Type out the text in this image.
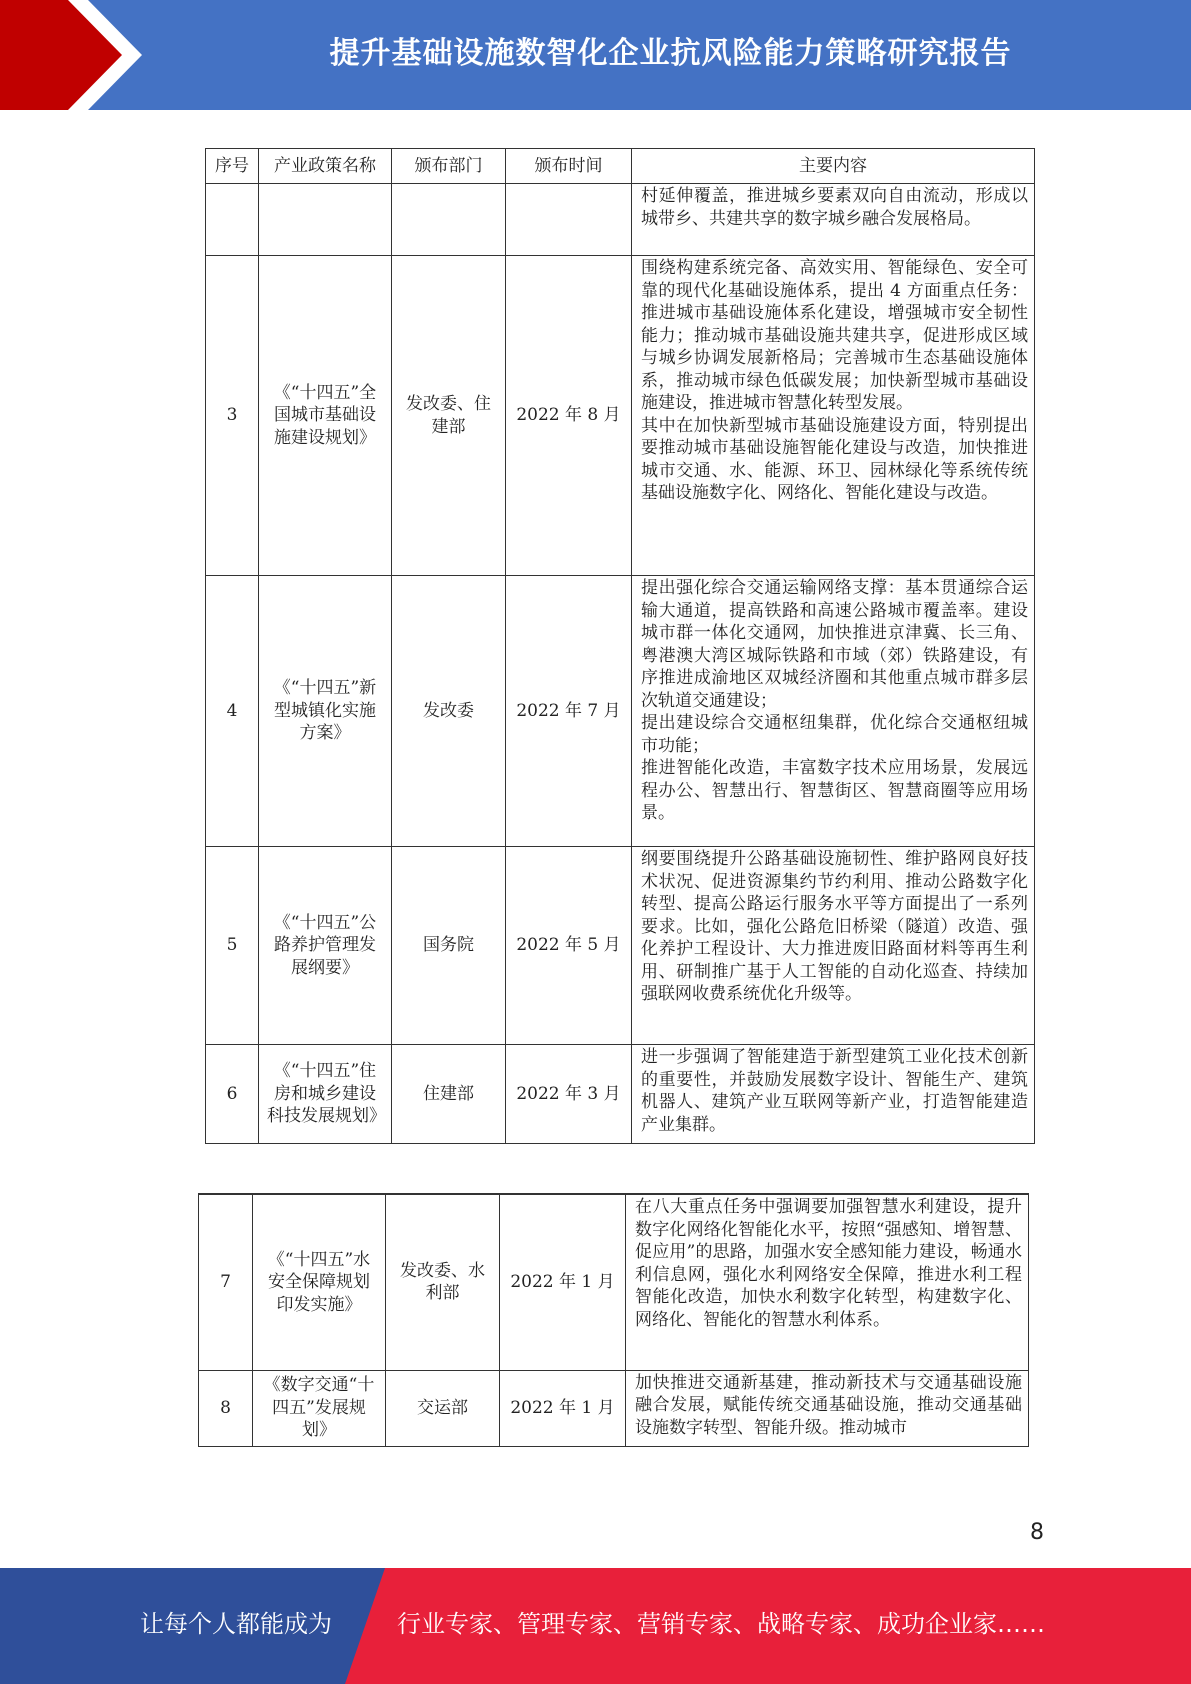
提升基础设施数智化企业抗风险能力策略研究报告
序号	产业政策名称	颁布部门	颁布时间	主要内容

				村延伸覆盖，推进城乡要素双向自由流动，形成以城带乡、共建共享的数字城乡融合发展格局。

3	《“十四五”全国城市基础设施建设规划》	发改委、住建部	2022 年 8 月	围绕构建系统完备、高效实用、智能绿色、安全可靠的现代化基础设施体系，提出 4 方面重点任务：推进城市基础设施体系化建设，增强城市安全韧性能力；推动城市基础设施共建共享，促进形成区域与城乡协调发展新格局；完善城市生态基础设施体系，推动城市绿色低碳发展；加快新型城市基础设施建设，推进城市智慧化转型发展。

其中在加快新型城市基础设施建设方面，特别提出要推动城市基础设施智能化建设与改造，加快推进城市交通、水、能源、环卫、园林绿化等系统传统基础设施数字化、网络化、智能化建设与改造。

4	《“十四五”新型城镇化实施方案》	发改委	2022 年 7 月	提出强化综合交通运输网络支撑：基本贯通综合运输大通道，提高铁路和高速公路城市覆盖率。建设城市群一体化交通网，加快推进京津冀、长三角、粤港澳大湾区城际铁路和市域（郊）铁路建设，有序推进成渝地区双城经济圈和其他重点城市群多层次轨道交通建设；

提出建设综合交通枢纽集群，优化综合交通枢纽城市功能；

推进智能化改造，丰富数字技术应用场景，发展远程办公、智慧出行、智慧街区、智慧商圈等应用场景。

5	《“十四五”公路养护管理发展纲要》	国务院	2022 年 5 月	纲要围绕提升公路基础设施韧性、维护路网良好技术状况、促进资源集约节约利用、推动公路数字化转型、提高公路运行服务水平等方面提出了一系列要求。比如，强化公路危旧桥梁（隧道）改造、强化养护工程设计、大力推进废旧路面材料等再生利用、研制推广基于人工智能的自动化巡查、持续加强联网收费系统优化升级等。

6	《“十四五”住房和城乡建设科技发展规划》	住建部	2022 年 3 月	进一步强调了智能建造于新型建筑工业化技术创新的重要性，并鼓励发展数字设计、智能生产、建筑机器人、建筑产业互联网等新产业，打造智能建造产业集群。

7	《“十四五”水安全保障规划印发实施》	发改委、水利部	2022 年 1 月	在八大重点任务中强调要加强智慧水利建设，提升数字化网络化智能化水平，按照“强感知、增智慧、促应用”的思路，加强水安全感知能力建设，畅通水利信息网，强化水利网络安全保障，推进水利工程智能化改造，加快水利数字化转型，构建数字化、网络化、智能化的智慧水利体系。

8	《数字交通“十四五”发展规划》	交运部	2022 年 1 月	加快推进交通新基建，推动新技术与交通基础设施融合发展，赋能传统交通基础设施，推动交通基础设施数字转型、智能升级。推动城市

8
让每个人都能成为	行业专家、管理专家、营销专家、战略专家、成功企业家……
